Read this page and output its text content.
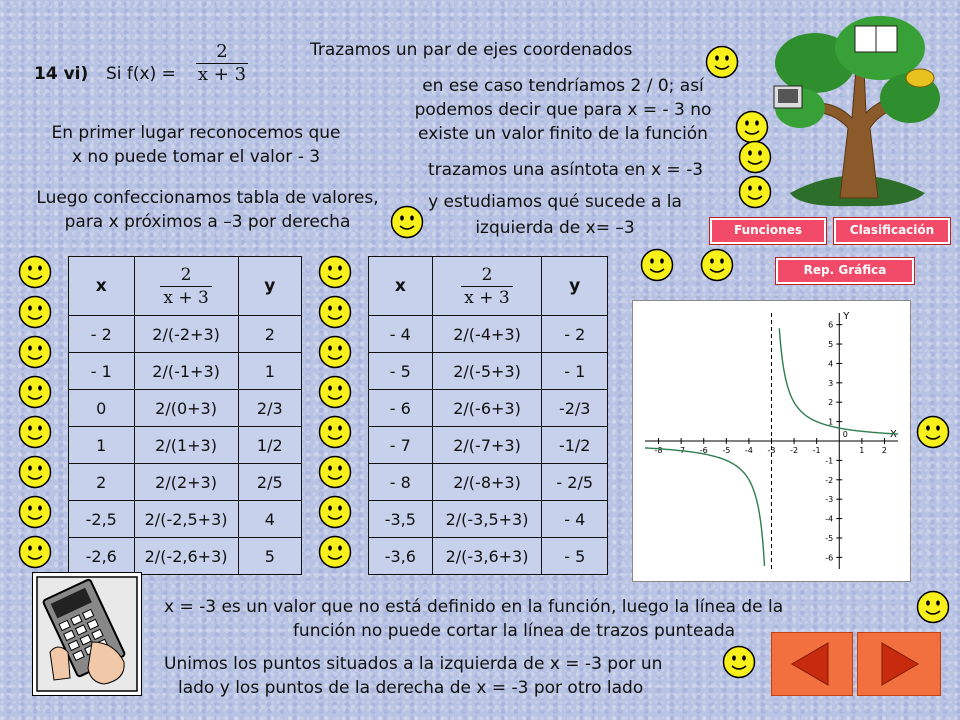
14 vi) Si f(x) =
2
x + 3
Trazamos un par de ejes coordenados
en ese caso tendríamos 2 / 0; así
podemos decir que para x = - 3 no
existe un valor finito de la función
En primer lugar reconocemos que
x no puede tomar el valor - 3
trazamos una asíntota en x = -3
Luego confeccionamos tabla de valores,
para x próximos a –3 por derecha
y estudiamos qué sucede a la
izquierda de x= –3	Funciones	Clasificación
Rep. Gráfica
x	$\frac{2}{x + 3}$	y
- 2	2/(-2+3)	2
- 1	2/(-1+3)	1
0	2/(0+3)	2/3
1	2/(1+3)	1/2
2	2/(2+3)	2/5
-2,5	2/(-2,5+3)	4
-2,6	2/(-2,6+3)	5
x	$\frac{2}{x + 3}$	y
- 4	2/(-4+3)	- 2
- 5	2/(-5+3)	- 1
- 6	2/(-6+3)	-2/3
- 7	2/(-7+3)	-1/2
- 8	2/(-8+3)	- 2/5
-3,5	2/(-3,5+3)	- 4
-3,6	2/(-3,6+3)	- 5
-8 -7 -6 -5 -4 -3 -2 -1
0
1 2
6
5
4
3
2
1
-1
-2
-3
-4
-5
-6
X
Y
x = -3 es un valor que no está definido en la función, luego la línea de la
función no puede cortar la línea de trazos punteada
Unimos los puntos situados a la izquierda de x = -3 por un
lado y los puntos de la derecha de x = -3 por otro lado
